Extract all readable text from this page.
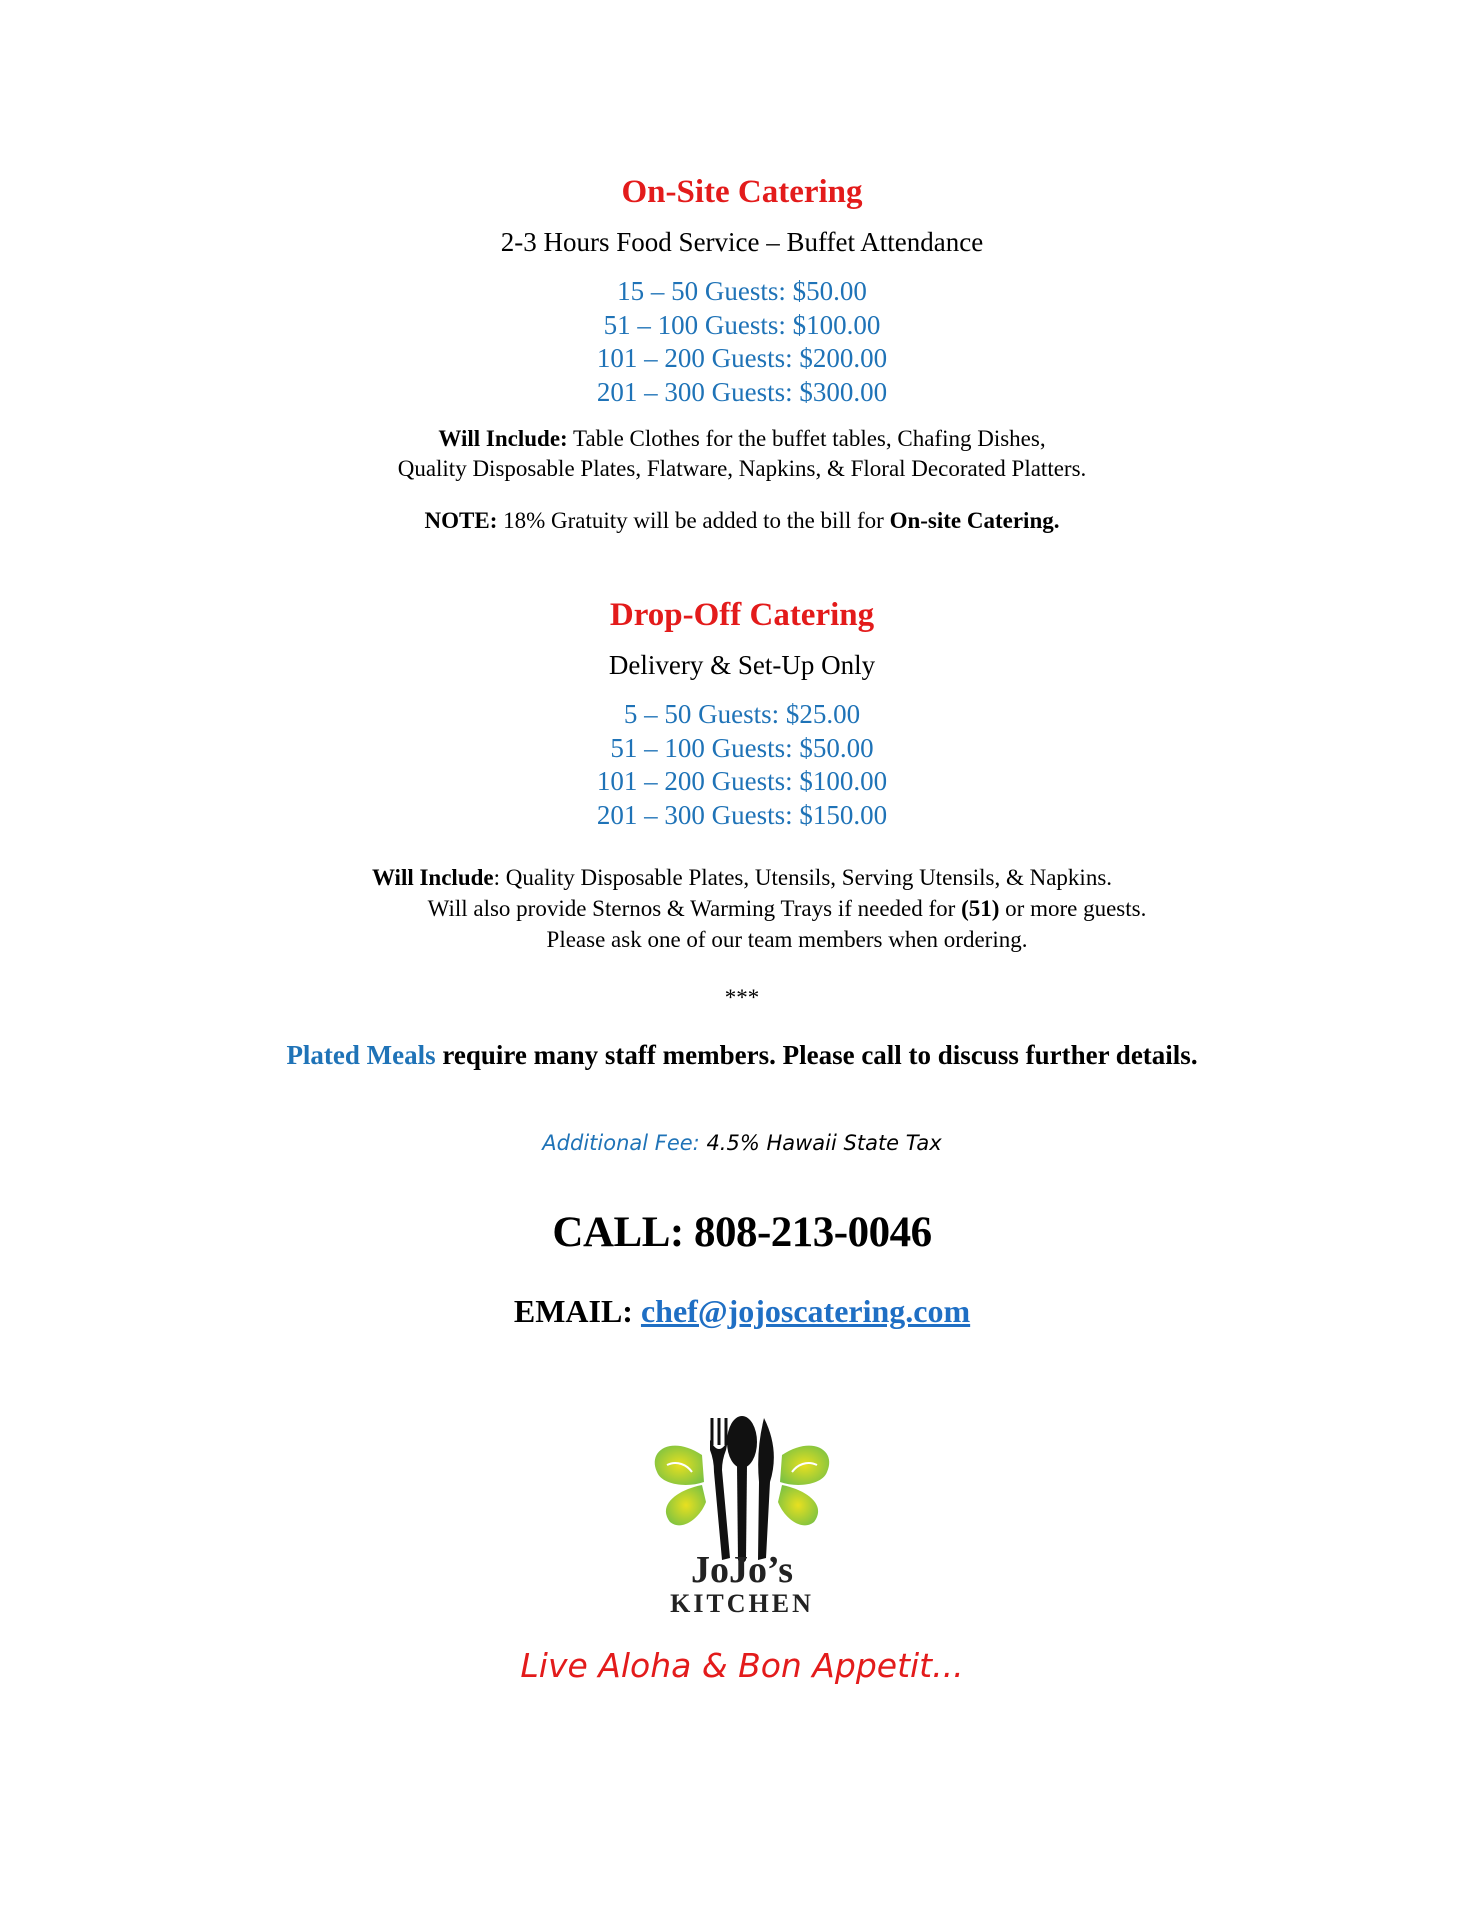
On-Site Catering
2-3 Hours Food Service – Buffet Attendance
15 – 50 Guests: $50.00
51 – 100 Guests: $100.00
101 – 200 Guests: $200.00
201 – 300 Guests: $300.00
Will Include: Table Clothes for the buffet tables, Chafing Dishes,
Quality Disposable Plates, Flatware, Napkins, & Floral Decorated Platters.
NOTE: 18% Gratuity will be added to the bill for On-site Catering.
Drop-Off Catering
Delivery & Set-Up Only
5 – 50 Guests: $25.00
51 – 100 Guests: $50.00
101 – 200 Guests: $100.00
201 – 300 Guests: $150.00
Will Include: Quality Disposable Plates, Utensils, Serving Utensils, & Napkins.
Will also provide Sternos & Warming Trays if needed for (51) or more guests.
Please ask one of our team members when ordering.
***
Plated Meals require many staff members. Please call to discuss further details.
Additional Fee: 4.5% Hawaii State Tax
CALL: 808-213-0046
EMAIL: chef@jojoscatering.com
JoJo’s
KITCHEN
Live Aloha & Bon Appetit...
